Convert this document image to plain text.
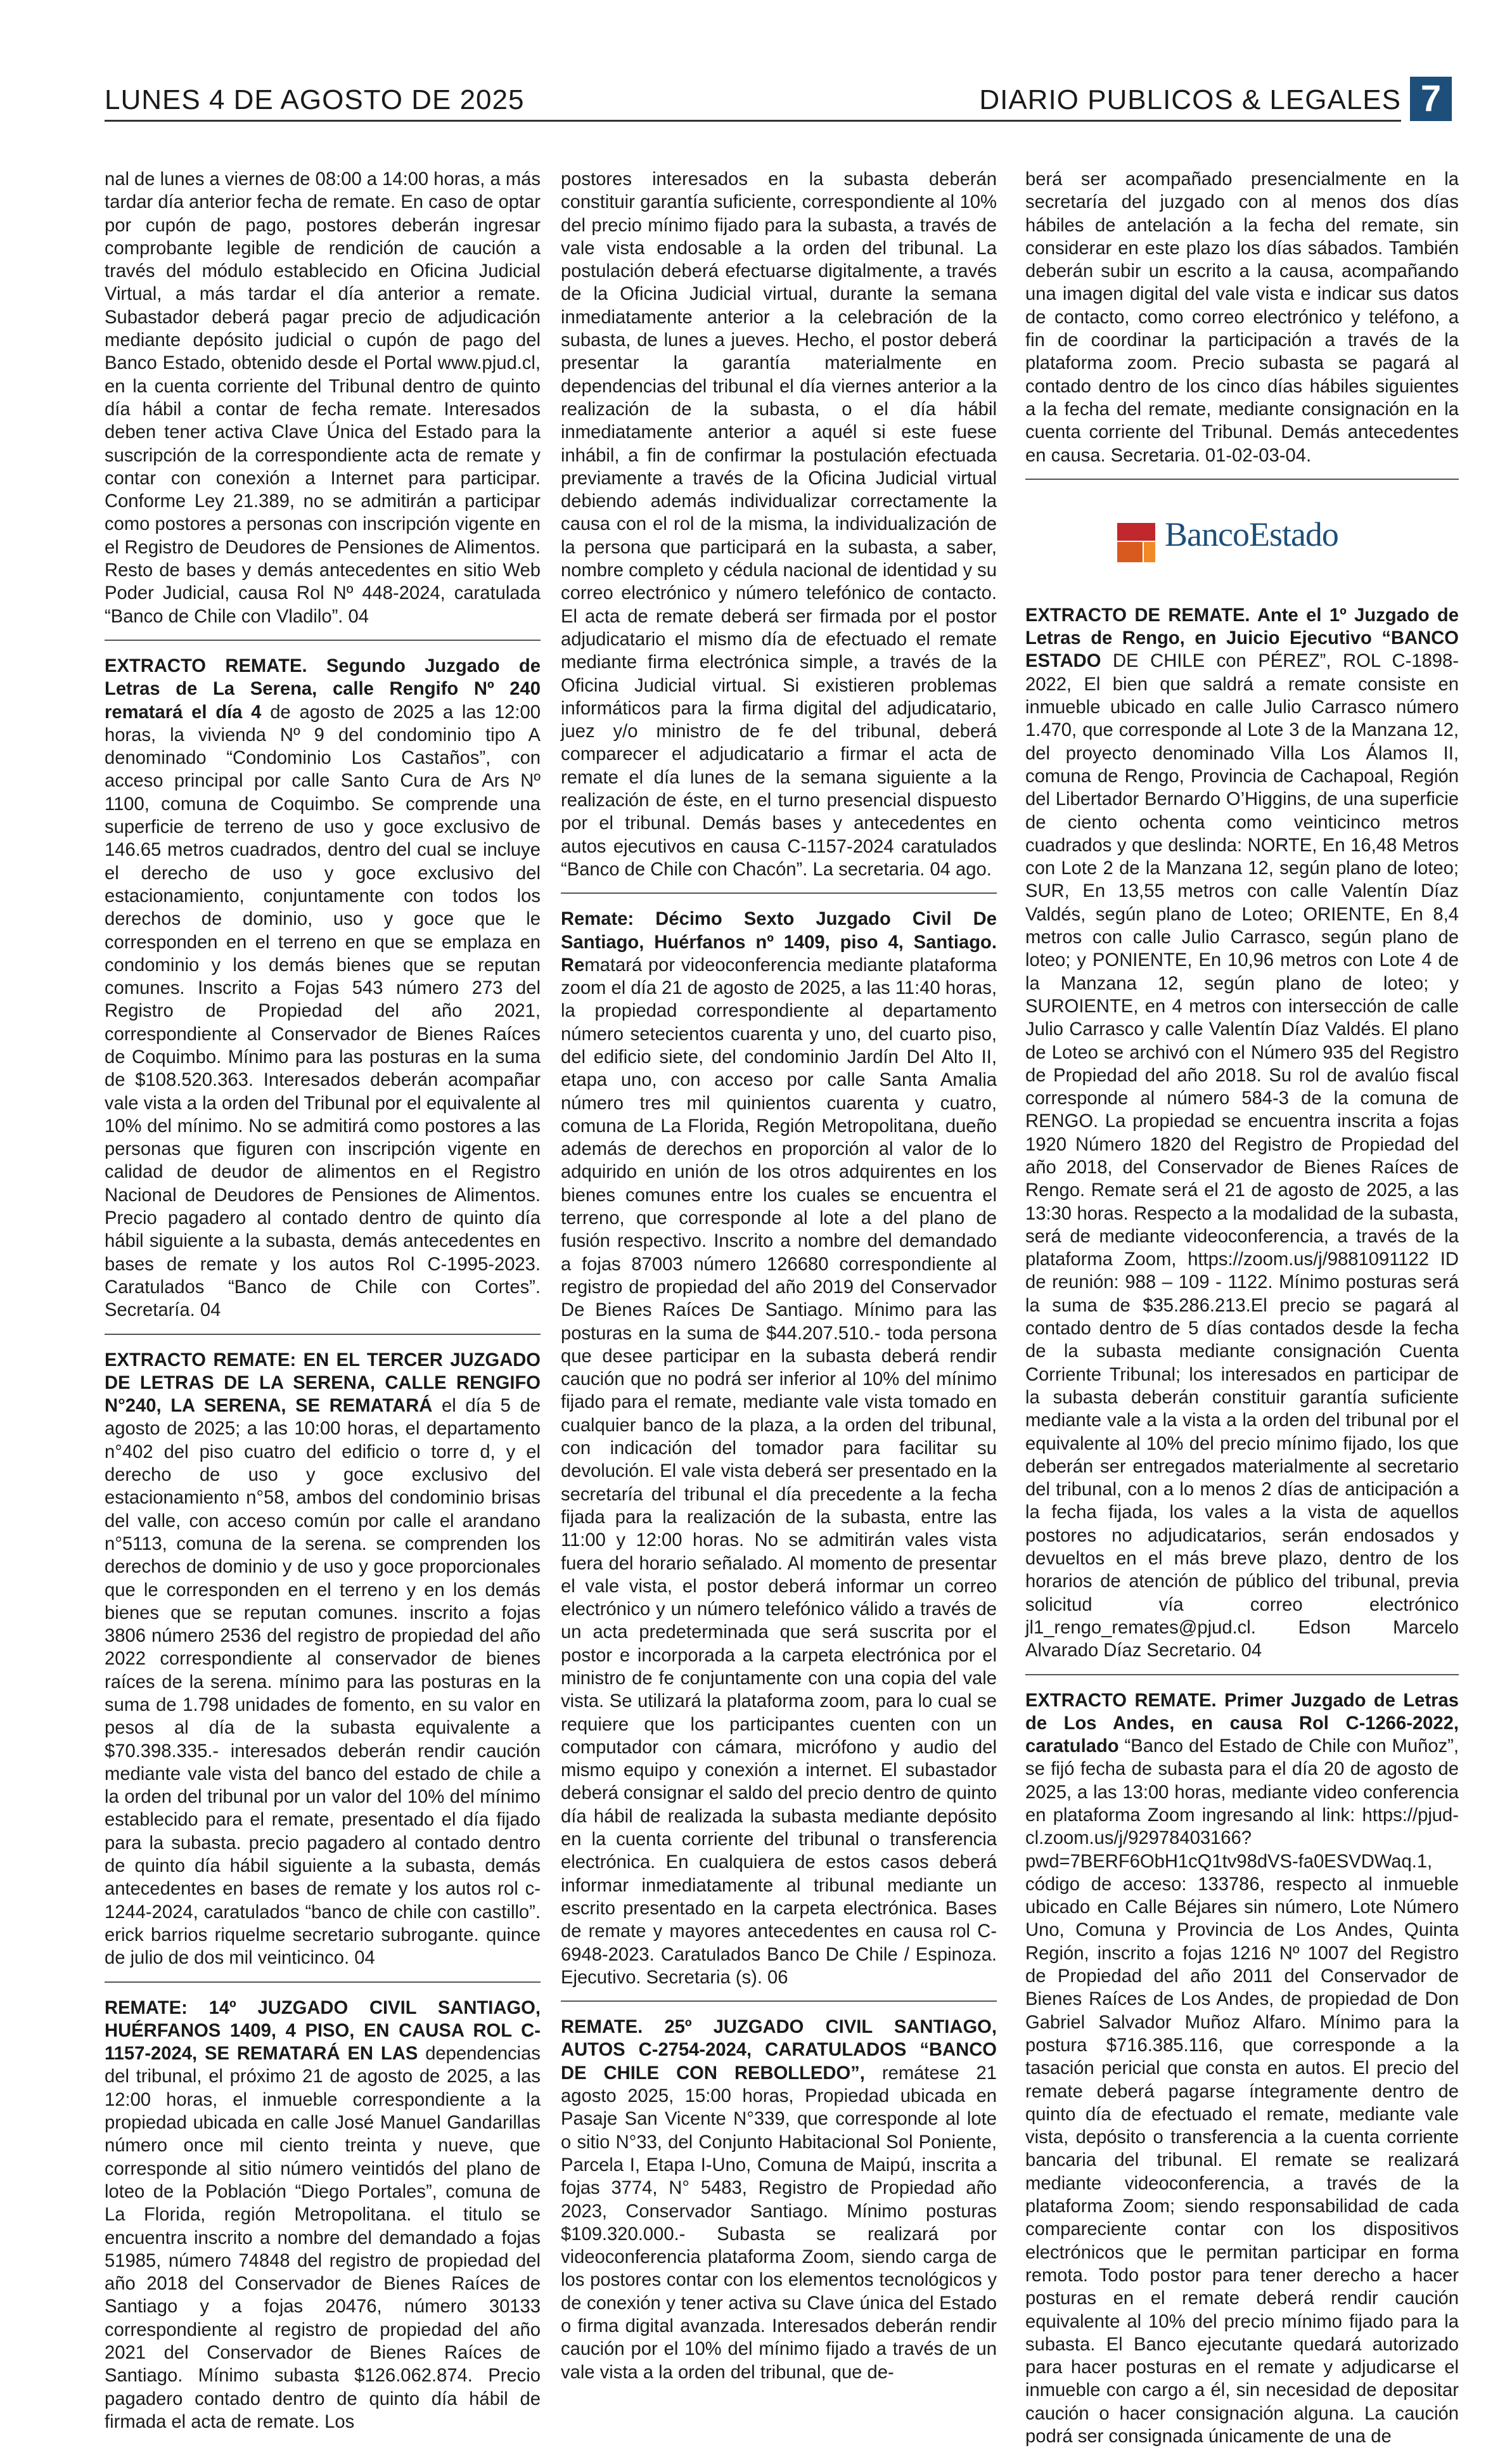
LUNES 4 DE AGOSTO DE 2025	DIARIO PUBLICOS & LEGALES 7

nal de lunes a viernes de 08:00 a 14:00 horas, a más tardar día anterior fecha de remate. En caso de optar por cupón de pago, postores deberán ingresar comprobante legible de rendición de caución a través del módulo establecido en Oficina Judicial Virtual, a más tardar el día anterior a remate. Subastador deberá pagar precio de adjudicación mediante depósito judicial o cupón de pago del Banco Estado, obtenido desde el Portal www.pjud.cl, en la cuenta corriente del Tribunal dentro de quinto día hábil a contar de fecha remate. Interesados deben tener activa Clave Única del Estado para la suscripción de la correspondiente acta de remate y contar con conexión a Internet para participar. Conforme Ley 21.389, no se admitirán a participar como postores a personas con inscripción vigente en el Registro de Deudores de Pensiones de Alimentos. Resto de bases y demás antecedentes en sitio Web Poder Judicial, causa Rol Nº 448-2024, caratulada “Banco de Chile con Vladilo”. 04

EXTRACTO REMATE. Segundo Juzgado de Letras de La Serena, calle Rengifo Nº 240 rematará el día 4 de agosto de 2025 a las 12:00 horas, la vivienda Nº 9 del condominio tipo A denominado “Condominio Los Castaños”, con acceso principal por calle Santo Cura de Ars Nº 1100, comuna de Coquimbo. Se comprende una superficie de terreno de uso y goce exclusivo de 146.65 metros cuadrados, dentro del cual se incluye el derecho de uso y goce exclusivo del estacionamiento, conjuntamente con todos los derechos de dominio, uso y goce que le corresponden en el terreno en que se emplaza en condominio y los demás bienes que se reputan comunes. Inscrito a Fojas 543 número 273 del Registro de Propiedad del año 2021, correspondiente al Conservador de Bienes Raíces de Coquimbo. Mínimo para las posturas en la suma de $108.520.363. Interesados deberán acompañar vale vista a la orden del Tribunal por el equivalente al 10% del mínimo. No se admitirá como postores a las personas que figuren con inscripción vigente en calidad de deudor de alimentos en el Registro Nacional de Deudores de Pensiones de Alimentos. Precio pagadero al contado dentro de quinto día hábil siguiente a la subasta, demás antecedentes en bases de remate y los autos Rol C-1995-2023. Caratulados “Banco de Chile con Cortes”. Secretaría. 04

EXTRACTO REMATE: EN EL TERCER JUZGADO DE LETRAS DE LA SERENA, CALLE RENGIFO N°240, LA SERENA, SE REMATARÁ el día 5 de agosto de 2025; a las 10:00 horas, el departamento n°402 del piso cuatro del edificio o torre d, y el derecho de uso y goce exclusivo del estacionamiento n°58, ambos del condominio brisas del valle, con acceso común por calle el arandano n°5113, comuna de la serena. se comprenden los derechos de dominio y de uso y goce proporcionales que le corresponden en el terreno y en los demás bienes que se reputan comunes. inscrito a fojas 3806 número 2536 del registro de propiedad del año 2022 correspondiente al conservador de bienes raíces de la serena. mínimo para las posturas en la suma de 1.798 unidades de fomento, en su valor en pesos al día de la subasta equivalente a $70.398.335.- interesados deberán rendir caución mediante vale vista del banco del estado de chile a la orden del tribunal por un valor del 10% del mínimo establecido para el remate, presentado el día fijado para la subasta. precio pagadero al contado dentro de quinto día hábil siguiente a la subasta, demás antecedentes en bases de remate y los autos rol c-1244-2024, caratulados “banco de chile con castillo”. erick barrios riquelme secretario subrogante. quince de julio de dos mil veinticinco. 04

REMATE: 14º JUZGADO CIVIL SANTIAGO, HUÉRFANOS 1409, 4 PISO, EN CAUSA ROL C-1157-2024, SE REMATARÁ EN LAS dependencias del tribunal, el próximo 21 de agosto de 2025, a las 12:00 horas, el inmueble correspondiente a la propiedad ubicada en calle José Manuel Gandarillas número once mil ciento treinta y nueve, que corresponde al sitio número veintidós del plano de loteo de la Población “Diego Portales”, comuna de La Florida, región Metropolitana. el titulo se encuentra inscrito a nombre del demandado a fojas 51985, número 74848 del registro de propiedad del año 2018 del Conservador de Bienes Raíces de Santiago y a fojas 20476, número 30133 correspondiente al registro de propiedad del año 2021 del Conservador de Bienes Raíces de Santiago. Mínimo subasta $126.062.874. Precio pagadero contado dentro de quinto día hábil de firmada el acta de remate. Los

postores interesados en la subasta deberán constituir garantía suficiente, correspondiente al 10% del precio mínimo fijado para la subasta, a través de vale vista endosable a la orden del tribunal. La postulación deberá efectuarse digitalmente, a través de la Oficina Judicial virtual, durante la semana inmediatamente anterior a la celebración de la subasta, de lunes a jueves. Hecho, el postor deberá presentar la garantía materialmente en dependencias del tribunal el día viernes anterior a la realización de la subasta, o el día hábil inmediatamente anterior a aquél si este fuese inhábil, a fin de confirmar la postulación efectuada previamente a través de la Oficina Judicial virtual debiendo además individualizar correctamente la causa con el rol de la misma, la individualización de la persona que participará en la subasta, a saber, nombre completo y cédula nacional de identidad y su correo electrónico y número telefónico de contacto. El acta de remate deberá ser firmada por el postor adjudicatario el mismo día de efectuado el remate mediante firma electrónica simple, a través de la Oficina Judicial virtual. Si existieren problemas informáticos para la firma digital del adjudicatario, juez y/o ministro de fe del tribunal, deberá comparecer el adjudicatario a firmar el acta de remate el día lunes de la semana siguiente a la realización de éste, en el turno presencial dispuesto por el tribunal. Demás bases y antecedentes en autos ejecutivos en causa C-1157-2024 caratulados “Banco de Chile con Chacón”. La secretaria. 04 ago.

Remate: Décimo Sexto Juzgado Civil De Santiago, Huérfanos nº 1409, piso 4, Santiago. Rematará por videoconferencia mediante plataforma zoom el día 21 de agosto de 2025, a las 11:40 horas, la propiedad correspondiente al departamento número setecientos cuarenta y uno, del cuarto piso, del edificio siete, del condominio Jardín Del Alto II, etapa uno, con acceso por calle Santa Amalia número tres mil quinientos cuarenta y cuatro, comuna de La Florida, Región Metropolitana, dueño además de derechos en proporción al valor de lo adquirido en unión de los otros adquirentes en los bienes comunes entre los cuales se encuentra el terreno, que corresponde al lote a del plano de fusión respectivo. Inscrito a nombre del demandado a fojas 87003 número 126680 correspondiente al registro de propiedad del año 2019 del Conservador De Bienes Raíces De Santiago. Mínimo para las posturas en la suma de $44.207.510.- toda persona que desee participar en la subasta deberá rendir caución que no podrá ser inferior al 10% del mínimo fijado para el remate, mediante vale vista tomado en cualquier banco de la plaza, a la orden del tribunal, con indicación del tomador para facilitar su devolución. El vale vista deberá ser presentado en la secretaría del tribunal el día precedente a la fecha fijada para la realización de la subasta, entre las 11:00 y 12:00 horas. No se admitirán vales vista fuera del horario señalado. Al momento de presentar el vale vista, el postor deberá informar un correo electrónico y un número telefónico válido a través de un acta predeterminada que será suscrita por el postor e incorporada a la carpeta electrónica por el ministro de fe conjuntamente con una copia del vale vista. Se utilizará la plataforma zoom, para lo cual se requiere que los participantes cuenten con un computador con cámara, micrófono y audio del mismo equipo y conexión a internet. El subastador deberá consignar el saldo del precio dentro de quinto día hábil de realizada la subasta mediante depósito en la cuenta corriente del tribunal o transferencia electrónica. En cualquiera de estos casos deberá informar inmediatamente al tribunal mediante un escrito presentado en la carpeta electrónica. Bases de remate y mayores antecedentes en causa rol C-6948-2023. Caratulados Banco De Chile / Espinoza. Ejecutivo. Secretaria (s). 06

REMATE. 25º JUZGADO CIVIL SANTIAGO, AUTOS C-2754-2024, CARATULADOS “BANCO DE CHILE CON REBOLLEDO”, remátese 21 agosto 2025, 15:00 horas, Propiedad ubicada en Pasaje San Vicente N°339, que corresponde al lote o sitio N°33, del Conjunto Habitacional Sol Poniente, Parcela I, Etapa I-Uno, Comuna de Maipú, inscrita a fojas 3774, N° 5483, Registro de Propiedad año 2023, Conservador Santiago. Mínimo posturas $109.320.000.- Subasta se realizará por videoconferencia plataforma Zoom, siendo carga de los postores contar con los elementos tecnológicos y de conexión y tener activa su Clave única del Estado o firma digital avanzada. Interesados deberán rendir caución por el 10% del mínimo fijado a través de un vale vista a la orden del tribunal, que de-

berá ser acompañado presencialmente en la secretaría del juzgado con al menos dos días hábiles de antelación a la fecha del remate, sin considerar en este plazo los días sábados. También deberán subir un escrito a la causa, acompañando una imagen digital del vale vista e indicar sus datos de contacto, como correo electrónico y teléfono, a fin de coordinar la participación a través de la plataforma zoom. Precio subasta se pagará al contado dentro de los cinco días hábiles siguientes a la fecha del remate, mediante consignación en la cuenta corriente del Tribunal. Demás antecedentes en causa. Secretaria. 01-02-03-04.

BancoEstado

EXTRACTO DE REMATE. Ante el 1º Juzgado de Letras de Rengo, en Juicio Ejecutivo “BANCO ESTADO DE CHILE con PÉREZ”, ROL C-1898-2022, El bien que saldrá a remate consiste en inmueble ubicado en calle Julio Carrasco número 1.470, que corresponde al Lote 3 de la Manzana 12, del proyecto denominado Villa Los Álamos II, comuna de Rengo, Provincia de Cachapoal, Región del Libertador Bernardo O’Higgins, de una superficie de ciento ochenta como veinticinco metros cuadrados y que deslinda: NORTE, En 16,48 Metros con Lote 2 de la Manzana 12, según plano de loteo; SUR, En 13,55 metros con calle Valentín Díaz Valdés, según plano de Loteo; ORIENTE, En 8,4 metros con calle Julio Carrasco, según plano de loteo; y PONIENTE, En 10,96 metros con Lote 4 de la Manzana 12, según plano de loteo; y SUROIENTE, en 4 metros con intersección de calle Julio Carrasco y calle Valentín Díaz Valdés. El plano de Loteo se archivó con el Número 935 del Registro de Propiedad del año 2018. Su rol de avalúo fiscal corresponde al número 584-3 de la comuna de RENGO. La propiedad se encuentra inscrita a fojas 1920 Número 1820 del Registro de Propiedad del año 2018, del Conservador de Bienes Raíces de Rengo. Remate será el 21 de agosto de 2025, a las 13:30 horas. Respecto a la modalidad de la subasta, será de mediante videoconferencia, a través de la plataforma Zoom, https://zoom.us/j/9881091122 ID de reunión: 988 – 109 - 1122. Mínimo posturas será la suma de $35.286.213.El precio se pagará al contado dentro de 5 días contados desde la fecha de la subasta mediante consignación Cuenta Corriente Tribunal; los interesados en participar de la subasta deberán constituir garantía suficiente mediante vale a la vista a la orden del tribunal por el equivalente al 10% del precio mínimo fijado, los que deberán ser entregados materialmente al secretario del tribunal, con a lo menos 2 días de anticipación a la fecha fijada, los vales a la vista de aquellos postores no adjudicatarios, serán endosados y devueltos en el más breve plazo, dentro de los horarios de atención de público del tribunal, previa solicitud vía correo electrónico jl1_rengo_remates@pjud.cl. Edson Marcelo Alvarado Díaz Secretario. 04

EXTRACTO REMATE. Primer Juzgado de Letras de Los Andes, en causa Rol C-1266-2022, caratulado “Banco del Estado de Chile con Muñoz”, se fijó fecha de subasta para el día 20 de agosto de 2025, a las 13:00 horas, mediante video conferencia en plataforma Zoom ingresando al link: https://pjud-cl.zoom.us/j/92978403166?pwd=7BERF6ObH1cQ1tv98dVS-fa0ESVDWaq.1, código de acceso: 133786, respecto al inmueble ubicado en Calle Béjares sin número, Lote Número Uno, Comuna y Provincia de Los Andes, Quinta Región, inscrito a fojas 1216 Nº 1007 del Registro de Propiedad del año 2011 del Conservador de Bienes Raíces de Los Andes, de propiedad de Don Gabriel Salvador Muñoz Alfaro. Mínimo para la postura $716.385.116, que corresponde a la tasación pericial que consta en autos. El precio del remate deberá pagarse íntegramente dentro de quinto día de efectuado el remate, mediante vale vista, depósito o transferencia a la cuenta corriente bancaria del tribunal. El remate se realizará mediante videoconferencia, a través de la plataforma Zoom; siendo responsabilidad de cada compareciente contar con los dispositivos electrónicos que le permitan participar en forma remota. Todo postor para tener derecho a hacer posturas en el remate deberá rendir caución equivalente al 10% del precio mínimo fijado para la subasta. El Banco ejecutante quedará autorizado para hacer posturas en el remate y adjudicarse el inmueble con cargo a él, sin necesidad de depositar caución o hacer consignación alguna. La caución podrá ser consignada únicamente de una de
